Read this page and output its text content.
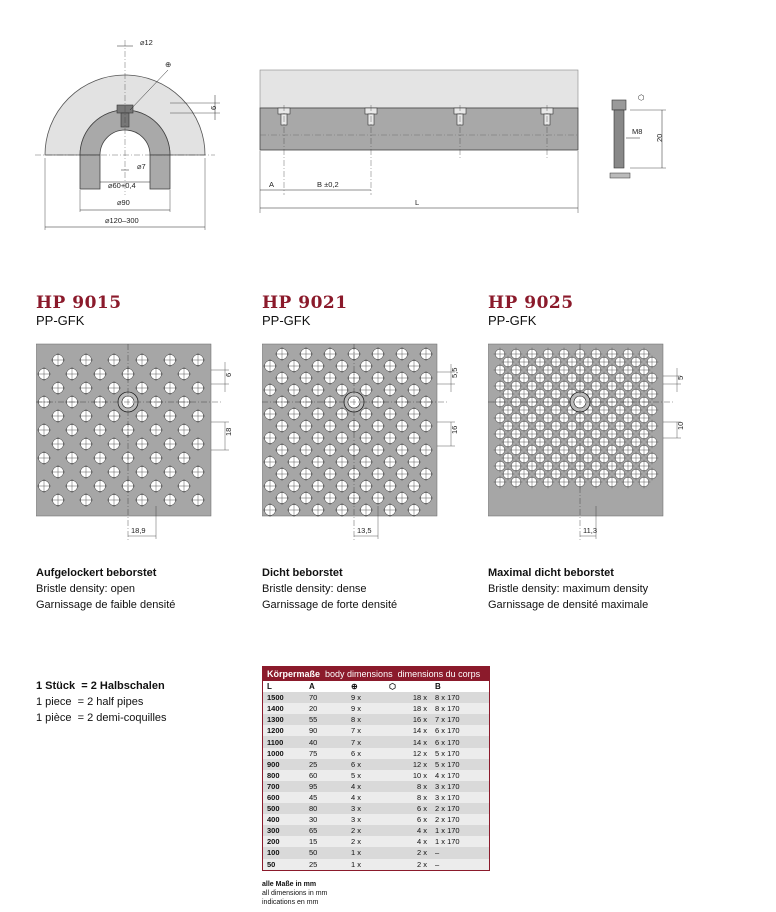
⌀12
⊕
6
⌀7
⌀60+0,4
⌀90
⌀120–300
A	B ±0,2
L
⬡
M8
20
HP 9015
PP-GFK
HP 9021
PP-GFK
HP 9025
PP-GFK
6
18
18,9
5,5
16
13,5
5
10
11,3
Aufgelockert beborstet
Bristle density: open
Garnissage de faible densité
Dicht beborstet
Bristle density: dense
Garnissage de forte densité
Maximal dicht beborstet
Bristle density: maximum density
Garnissage de densité maximale

1 Stück  = 2 Halbschalen
1 piece  = 2 half pipes
1 pièce  = 2 demi-coquilles
Körpermaße body dimensions dimensions du corps
L	A	⊕	⬡	B
1500	70	9 x	18 x	8 x 170
1400	20	9 x	18 x	8 x 170
1300	55	8 x	16 x	7 x 170
1200	90	7 x	14 x	6 x 170
1100	40	7 x	14 x	6 x 170
1000	75	6 x	12 x	5 x 170
900	25	6 x	12 x	5 x 170
800	60	5 x	10 x	4 x 170
700	95	4 x	8 x	3 x 170
600	45	4 x	8 x	3 x 170
500	80	3 x	6 x	2 x 170
400	30	3 x	6 x	2 x 170
300	65	2 x	4 x	1 x 170
200	15	2 x	4 x	1 x 170
100	50	1 x	2 x	–
50	25	1 x	2 x	–
alle Maße in mm
all dimensions in mm
indications en mm
